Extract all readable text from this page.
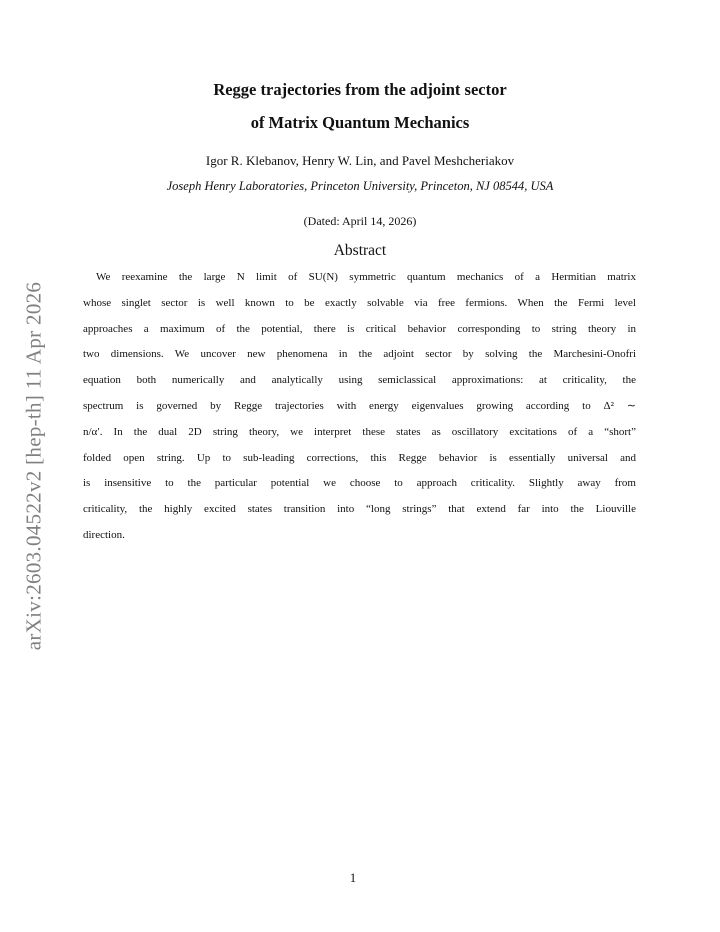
arXiv:2603.04522v2 [hep-th] 11 Apr 2026
Regge trajectories from the adjoint sector
of Matrix Quantum Mechanics
Igor R. Klebanov, Henry W. Lin, and Pavel Meshcheriakov
Joseph Henry Laboratories, Princeton University, Princeton, NJ 08544, USA
(Dated: April 14, 2026)
Abstract
We reexamine the large N limit of SU(N) symmetric quantum mechanics of a Hermitian matrix
whose singlet sector is well known to be exactly solvable via free fermions. When the Fermi level
approaches a maximum of the potential, there is critical behavior corresponding to string theory in
two dimensions. We uncover new phenomena in the adjoint sector by solving the Marchesini-Onofri
equation both numerically and analytically using semiclassical approximations: at criticality, the
spectrum is governed by Regge trajectories with energy eigenvalues growing according to Δ² ∼
n/α′. In the dual 2D string theory, we interpret these states as oscillatory excitations of a “short”
folded open string. Up to sub-leading corrections, this Regge behavior is essentially universal and
is insensitive to the particular potential we choose to approach criticality. Slightly away from
criticality, the highly excited states transition into “long strings” that extend far into the Liouville
direction.
1
